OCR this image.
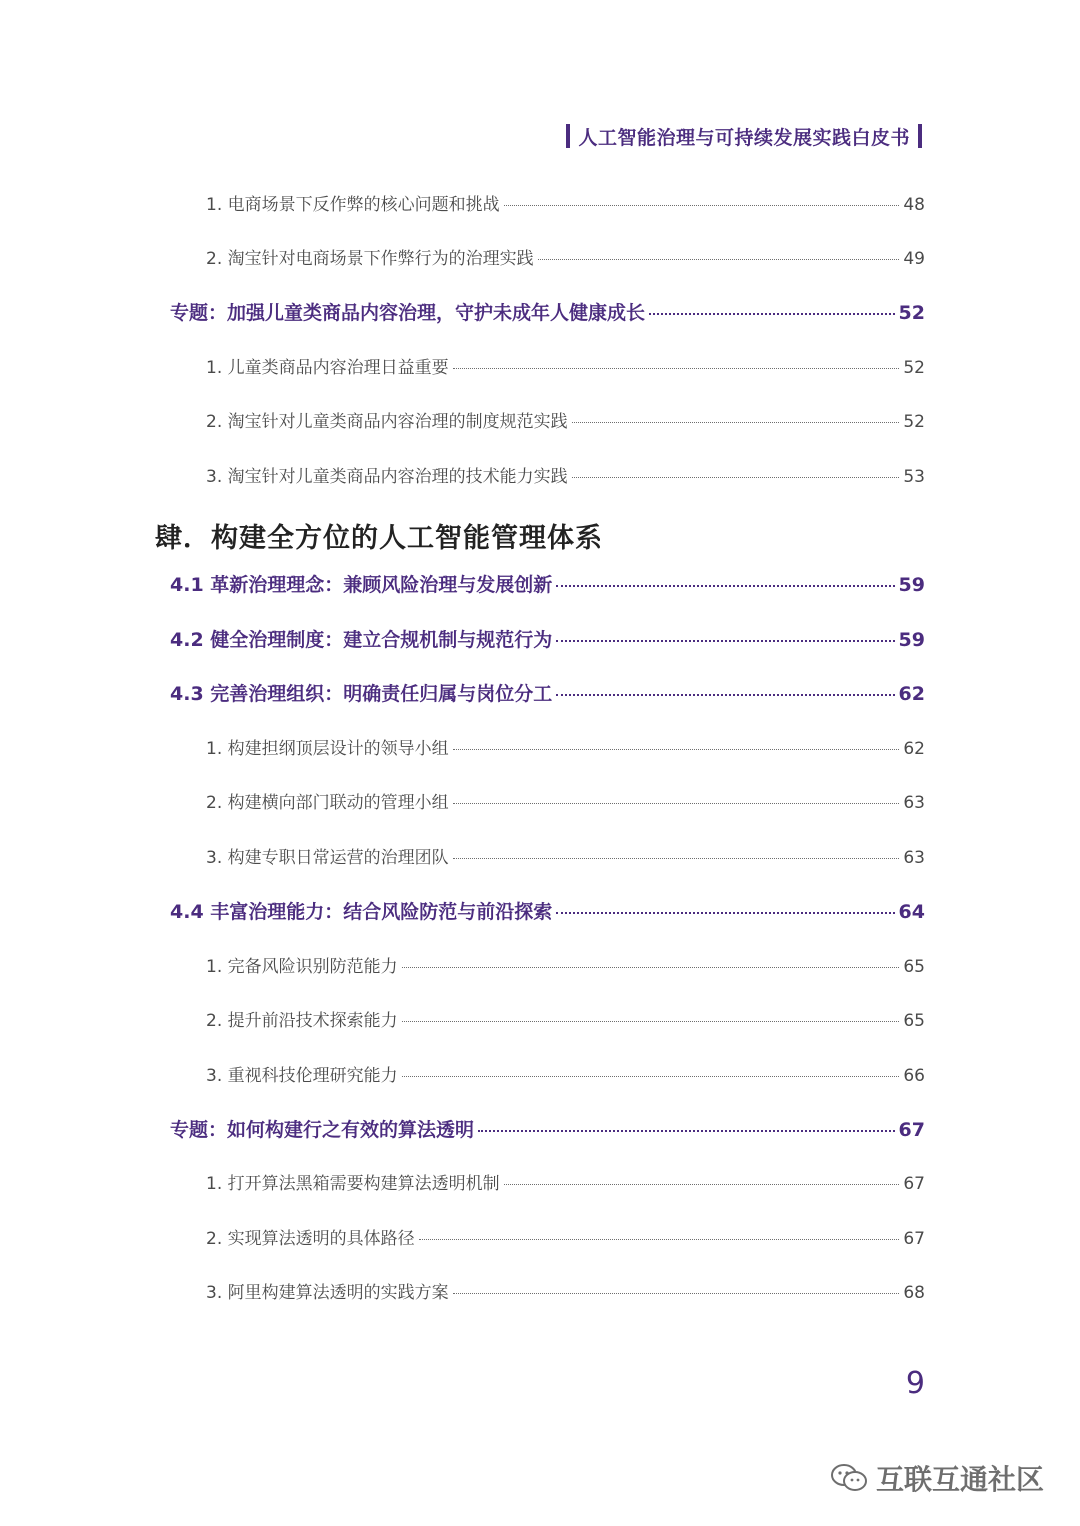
人工智能治理与可持续发展实践白皮书
1. 电商场景下反作弊的核心问题和挑战	48
2. 淘宝针对电商场景下作弊行为的治理实践	49
专题：加强儿童类商品内容治理，守护未成年人健康成长	52
1. 儿童类商品内容治理日益重要	52
2. 淘宝针对儿童类商品内容治理的制度规范实践	52
3. 淘宝针对儿童类商品内容治理的技术能力实践	53
肆．构建全方位的人工智能管理体系
4.1 革新治理理念：兼顾风险治理与发展创新	59
4.2 健全治理制度：建立合规机制与规范行为	59
4.3 完善治理组织：明确责任归属与岗位分工	62
1. 构建担纲顶层设计的领导小组	62
2. 构建横向部门联动的管理小组	63
3. 构建专职日常运营的治理团队	63
4.4 丰富治理能力：结合风险防范与前沿探索	64
1. 完备风险识别防范能力	65
2. 提升前沿技术探索能力	65
3. 重视科技伦理研究能力	66
专题：如何构建行之有效的算法透明	67
1. 打开算法黑箱需要构建算法透明机制	67
2. 实现算法透明的具体路径	67
3. 阿里构建算法透明的实践方案	68
9
互联互通社区
